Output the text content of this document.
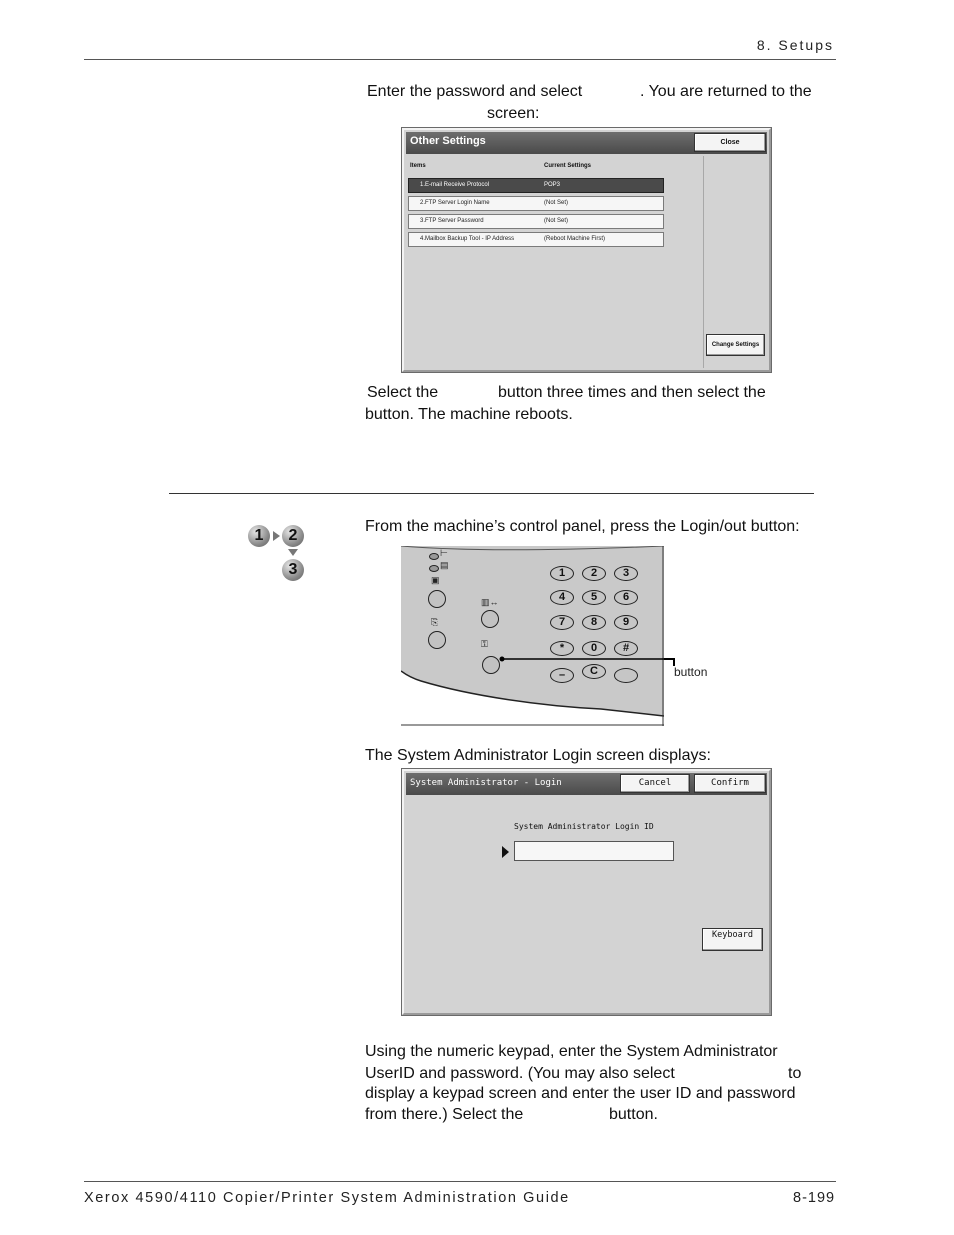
8. Setups
Enter the password and select	. You are returned to the
screen:
Other Settings	Close
Items	Current Settings
1.E-mail Receive Protocol	POP3
2.FTP Server Login Name	(Not Set)
3.FTP Server Password	(Not Set)
4.Mailbox Backup Tool - IP Address	(Reboot Machine First)
Change Settings
Select the	button three times and then select the
button. The machine reboots.
1	2
3
From the machine’s control panel, press the Login/out button:
⊢
▤
▣
⎘
▥↔
⚿
1	2	3
4	5	6
7	8	9
*	0	#
–	C	button
The System Administrator Login screen displays:
System Administrator - Login	Cancel	Confirm
System Administrator Login ID
Keyboard
Using the numeric keypad, enter the System Administrator
UserID and password. (You may also select	to
display a keypad screen and enter the user ID and password
from there.) Select the	button.
Xerox 4590/4110 Copier/Printer System Administration Guide	8-199
